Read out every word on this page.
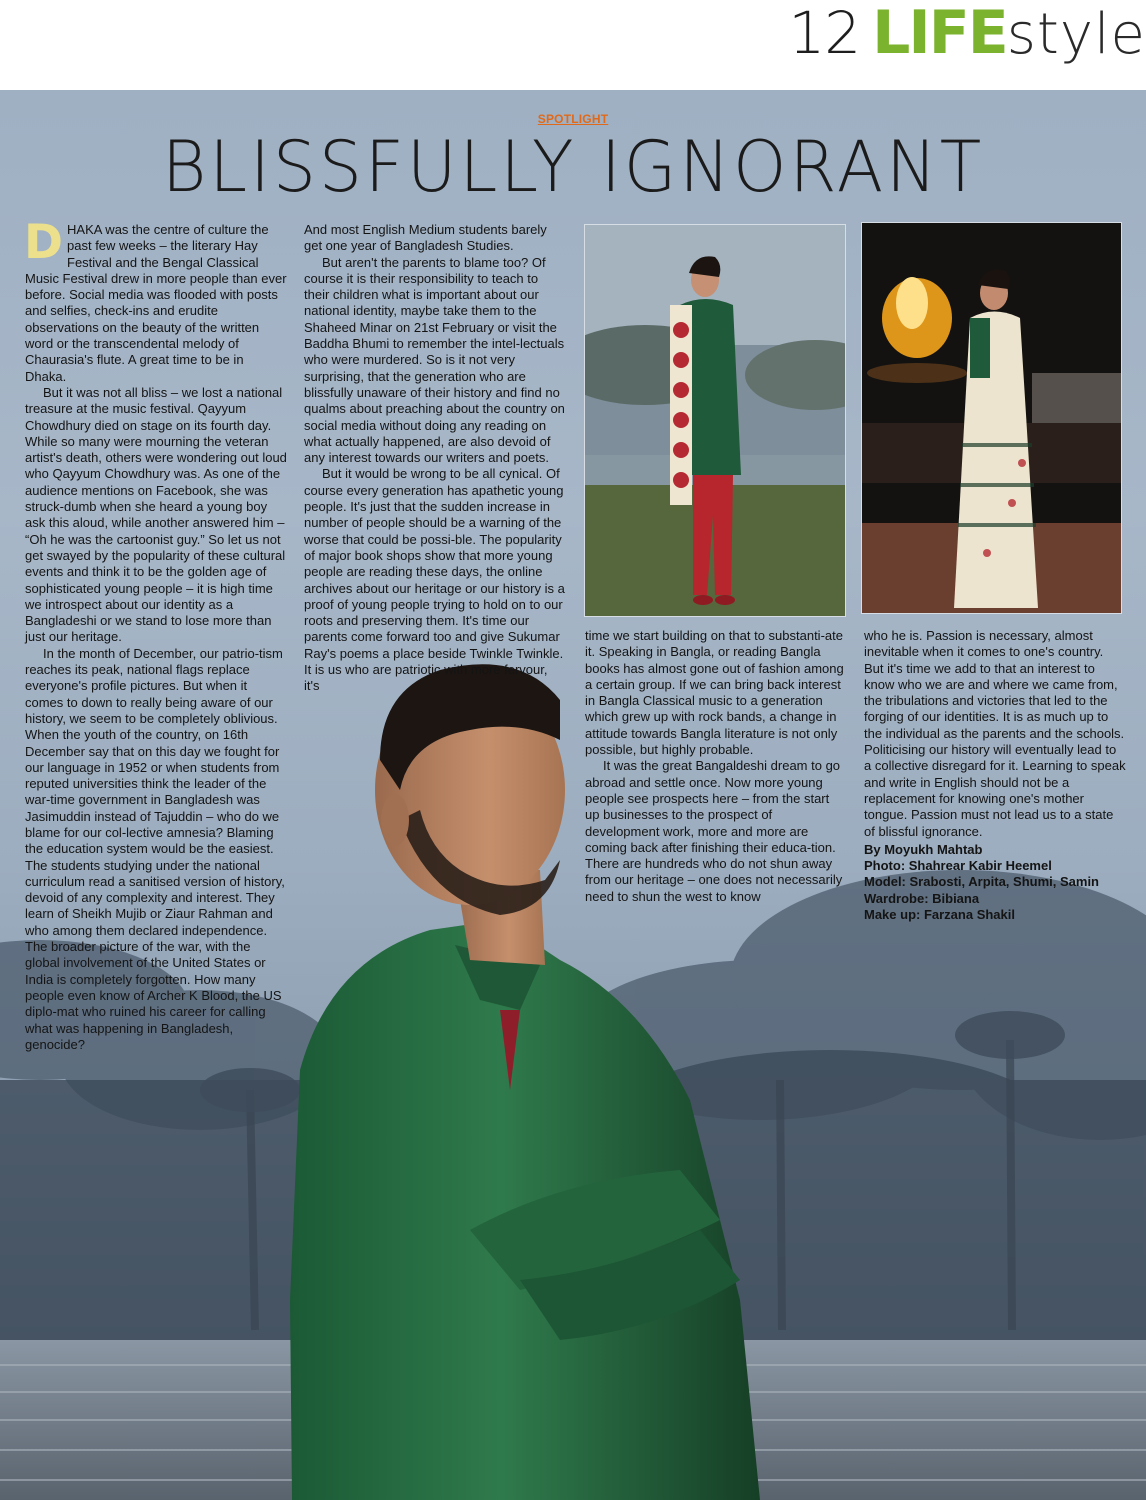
12 LIFE style
SPOTLIGHT
BLISSFULLY IGNORANT

DHAKA was the centre of culture the past few weeks – the literary Hay Festival and the Bengal Classical Music Festival drew in more people than ever before. Social media was flooded with posts and selfies, check-ins and erudite observations on the beauty of the written word or the transcendental melody of Chaurasia's flute. A great time to be in Dhaka.

But it was not all bliss – we lost a national treasure at the music festival. Qayyum Chowdhury died on stage on its fourth day. While so many were mourning the veteran artist's death, others were wondering out loud who Qayyum Chowdhury was. As one of the audience mentions on Facebook, she was struck-dumb when she heard a young boy ask this aloud, while another answered him – “Oh he was the cartoonist guy.” So let us not get swayed by the popularity of these cultural events and think it to be the golden age of sophisticated young people – it is high time we introspect about our identity as a Bangladeshi or we stand to lose more than just our heritage.

In the month of December, our patrio-tism reaches its peak, national flags replace everyone's profile pictures. But when it comes to down to really being aware of our history, we seem to be completely oblivious. When the youth of the country, on 16th December say that on this day we fought for our language in 1952 or when students from reputed universities think the leader of the war-time government in Bangladesh was Jasimuddin instead of Tajuddin – who do we blame for our col-lective amnesia? Blaming the education system would be the easiest. The students studying under the national curriculum read a sanitised version of history, devoid of any complexity and interest. They learn of Sheikh Mujib or Ziaur Rahman and who among them declared independence. The broader picture of the war, with the global involvement of the United States or India is completely forgotten. How many people even know of Archer K Blood, the US diplo-mat who ruined his career for calling what was happening in Bangladesh, genocide?

And most English Medium students barely get one year of Bangladesh Studies.

But aren't the parents to blame too? Of course it is their responsibility to teach to their children what is important about our national identity, maybe take them to the Shaheed Minar on 21st February or visit the Baddha Bhumi to remember the intel-lectuals who were murdered. So is it not very surprising, that the generation who are blissfully unaware of their history and find no qualms about preaching about the country on social media without doing any reading on what actually happened, are also devoid of any interest towards our writers and poets.

But it would be wrong to be all cynical. Of course every generation has apathetic young people. It's just that the sudden increase in number of people should be a warning of the worse that could be possi-ble. The popularity of major book shops show that more young people are reading these days, the online archives about our heritage or our history is a proof of young people trying to hold on to our roots and preserving them. It's time our parents come forward too and give Sukumar Ray's poems a place beside Twinkle Twinkle. It is us who are patriotic with more fervour, it's

time we start building on that to substanti-ate it. Speaking in Bangla, or reading Bangla books has almost gone out of fashion among a certain group. If we can bring back interest in Bangla Classical music to a generation which grew up with rock bands, a change in attitude towards Bangla literature is not only possible, but highly probable.

It was the great Bangaldeshi dream to go abroad and settle once. Now more young people see prospects here – from the start up businesses to the prospect of development work, more and more are coming back after finishing their educa-tion. There are hundreds who do not shun away from our heritage – one does not necessarily need to shun the west to know

who he is. Passion is necessary, almost inevitable when it comes to one's country. But it's time we add to that an interest to know who we are and where we came from, the tribulations and victories that led to the forging of our identities. It is as much up to the individual as the parents and the schools. Politicising our history will eventually lead to a collective disregard for it. Learning to speak and write in English should not be a replacement for knowing one's mother tongue. Passion must not lead us to a state of blissful ignorance.

By Moyukh Mahtab
Photo: Shahrear Kabir Heemel
Model: Srabosti, Arpita, Shumi, Samin
Wardrobe: Bibiana
Make up: Farzana Shakil
